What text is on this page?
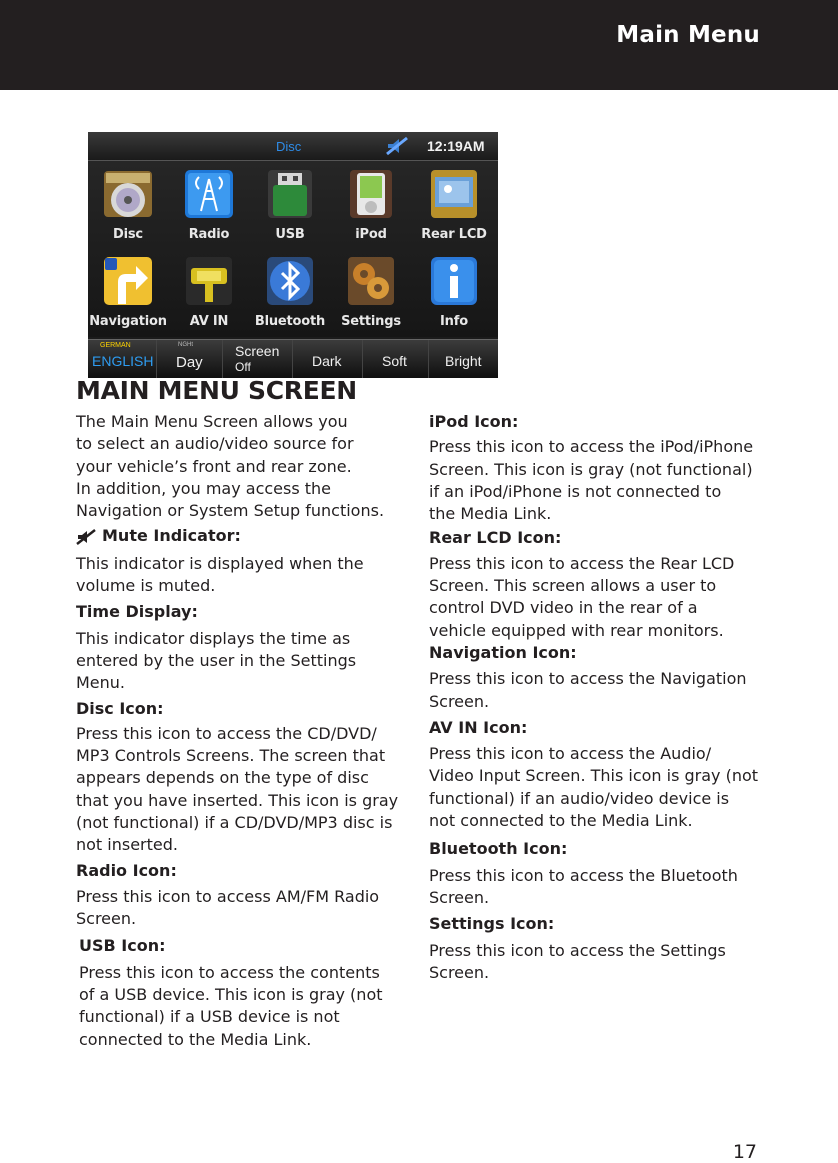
Main Menu
Disc	12:19AM
Disc	Radio	USB	iPod	Rear LCD
Navigation	AV IN	Bluetooth	Settings	Info
GERMAN
ENGLISH
NGHt
Day
Screen
Off	Dark	Soft	Bright
MAIN MENU SCREEN
The Main Menu Screen allows you
to select an audio/video source for
your vehicle’s front and rear zone.
In addition, you may access the
Navigation or System Setup functions.
Mute Indicator:
This indicator is displayed when the
volume is muted.
Time Display:
This indicator displays the time as
entered by the user in the Settings
Menu.
Disc Icon:
Press this icon to access the CD/DVD/
MP3 Controls Screens. The screen that
appears depends on the type of disc
that you have inserted. This icon is gray
(not functional) if a CD/DVD/MP3 disc is
not inserted.
Radio Icon:
Press this icon to access AM/FM Radio
Screen.
USB Icon:
Press this icon to access the contents
of a USB device. This icon is gray (not
functional) if a USB device is not
connected to the Media Link.
iPod Icon:
Press this icon to access the iPod/iPhone
Screen. This icon is gray (not functional)
if an iPod/iPhone is not connected to
the Media Link.
Rear LCD Icon:
Press this icon to access the Rear LCD
Screen. This screen allows a user to
control DVD video in the rear of a
vehicle equipped with rear monitors.
Navigation Icon:
Press this icon to access the Navigation
Screen.
AV IN Icon:
Press this icon to access the Audio/
Video Input Screen. This icon is gray (not
functional) if an audio/video device is
not connected to the Media Link.
Bluetooth Icon:
Press this icon to access the Bluetooth
Screen.
Settings Icon:
Press this icon to access the Settings
Screen.
17
